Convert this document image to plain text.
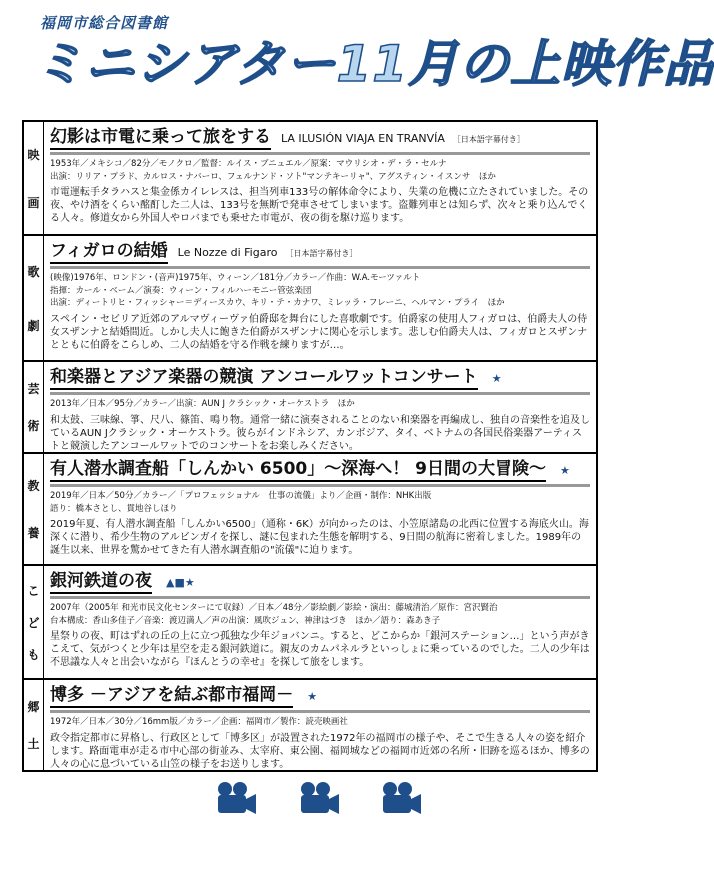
福岡市総合図書館
ミニシアター11月の上映作品
映
画
幻影は市電に乗って旅をする LA ILUSIÓN VIAJA EN TRANVÍA ［日本語字幕付き］
1953年／メキシコ／82分／モノクロ／監督：ルイス・ブニュエル／原案：マウリシオ・デ・ラ・セルナ
出演：リリア・プラド、カルロス・ナバーロ、フェルナンド・ソト"マンテキーリャ"、アグスティン・イスンサ　ほか
市電運転手タラハスと集金係カイレレスは、担当列車133号の解体命令により、失業の危機に立たされていました。その夜、やけ酒をくらい酩酊した二人は、133号を無断で発車させてしまいます。盗難列車とは知らず、次々と乗り込んでくる人々。修道女から外国人やロバまでも乗せた市電が、夜の街を駆け巡ります。
歌
劇
フィガロの結婚 Le Nozze di Figaro ［日本語字幕付き］
(映像)1976年、ロンドン・(音声)1975年、ウィーン／181分／カラー／作曲：W.A.モーツァルト
指揮：カール・ベーム／演奏：ウィーン・フィルハーモニー管弦楽団
出演：ディートリヒ・フィッシャー＝ディースカウ、キリ・テ・カナワ、ミレッラ・フレーニ、ヘルマン・プライ　ほか
スペイン・セビリア近郊のアルマヴィーヴァ伯爵邸を舞台にした喜歌劇です。伯爵家の使用人フィガロは、伯爵夫人の侍女スザンナと結婚間近。しかし夫人に飽きた伯爵がスザンナに関心を示します。悲しむ伯爵夫人は、フィガロとスザンナとともに伯爵をこらしめ、二人の結婚を守る作戦を練りますが…。
芸
術
和楽器とアジア楽器の競演 アンコールワットコンサート ★
2013年／日本／95分／カラー／出演：AUN J クラシック・オーケストラ　ほか
和太鼓、三味線、箏、尺八、篠笛、鳴り物。通常一緒に演奏されることのない和楽器を再編成し、独自の音楽性を追及しているAUN Jクラシック・オーケストラ。彼らがインドネシア、カンボジア、タイ、ベトナムの各国民俗楽器アーティストと競演したアンコールワットでのコンサートをお楽しみください。
教
養
有人潜水調査船「しんかい 6500」～深海へ！ 9日間の大冒険～ ★
2019年／日本／50分／カラー／「プロフェッショナル　仕事の流儀」より／企画・制作：NHK出版
語り：橋本さとし、貫地谷しほり
2019年夏、有人潜水調査船「しんかい6500」（通称・6K）が向かったのは、小笠原諸島の北西に位置する海底火山。海深くに潜り、希少生物のアルビンガイを探し、謎に包まれた生態を解明する、9日間の航海に密着しました。1989年の誕生以来、世界を驚かせてきた有人潜水調査船の"流儀"に迫ります。
こ
ど
も
銀河鉄道の夜 ▲■★
2007年（2005年 和光市民文化センターにて収録）／日本／48分／影絵劇／影絵・演出：藤城清治／原作：宮沢賢治
台本構成：香山多佳子／音楽：渡辺満人／声の出演：風吹ジュン、神津はづき　ほか／語り：森あき子
星祭りの夜、町はずれの丘の上に立つ孤独な少年ジョバンニ。すると、どこからか「銀河ステーション…」という声がきこえて、気がつくと少年は星空を走る銀河鉄道に。親友のカムパネルラといっしょに乗っているのでした。二人の少年は不思議な人々と出会いながら『ほんとうの幸せ』を探して旅をします。
郷
土
博多 －アジアを結ぶ都市福岡－ ★
1972年／日本／30分／16mm版／カラー／企画：福岡市／製作：読売映画社
政令指定都市に昇格し、行政区として「博多区」が設置された1972年の福岡市の様子や、そこで生きる人々の姿を紹介します。路面電車が走る市中心部の街並み、太宰府、東公園、福岡城などの福岡市近郊の名所・旧跡を巡るほか、博多の人々の心に息づいている山笠の様子をお送りします。
